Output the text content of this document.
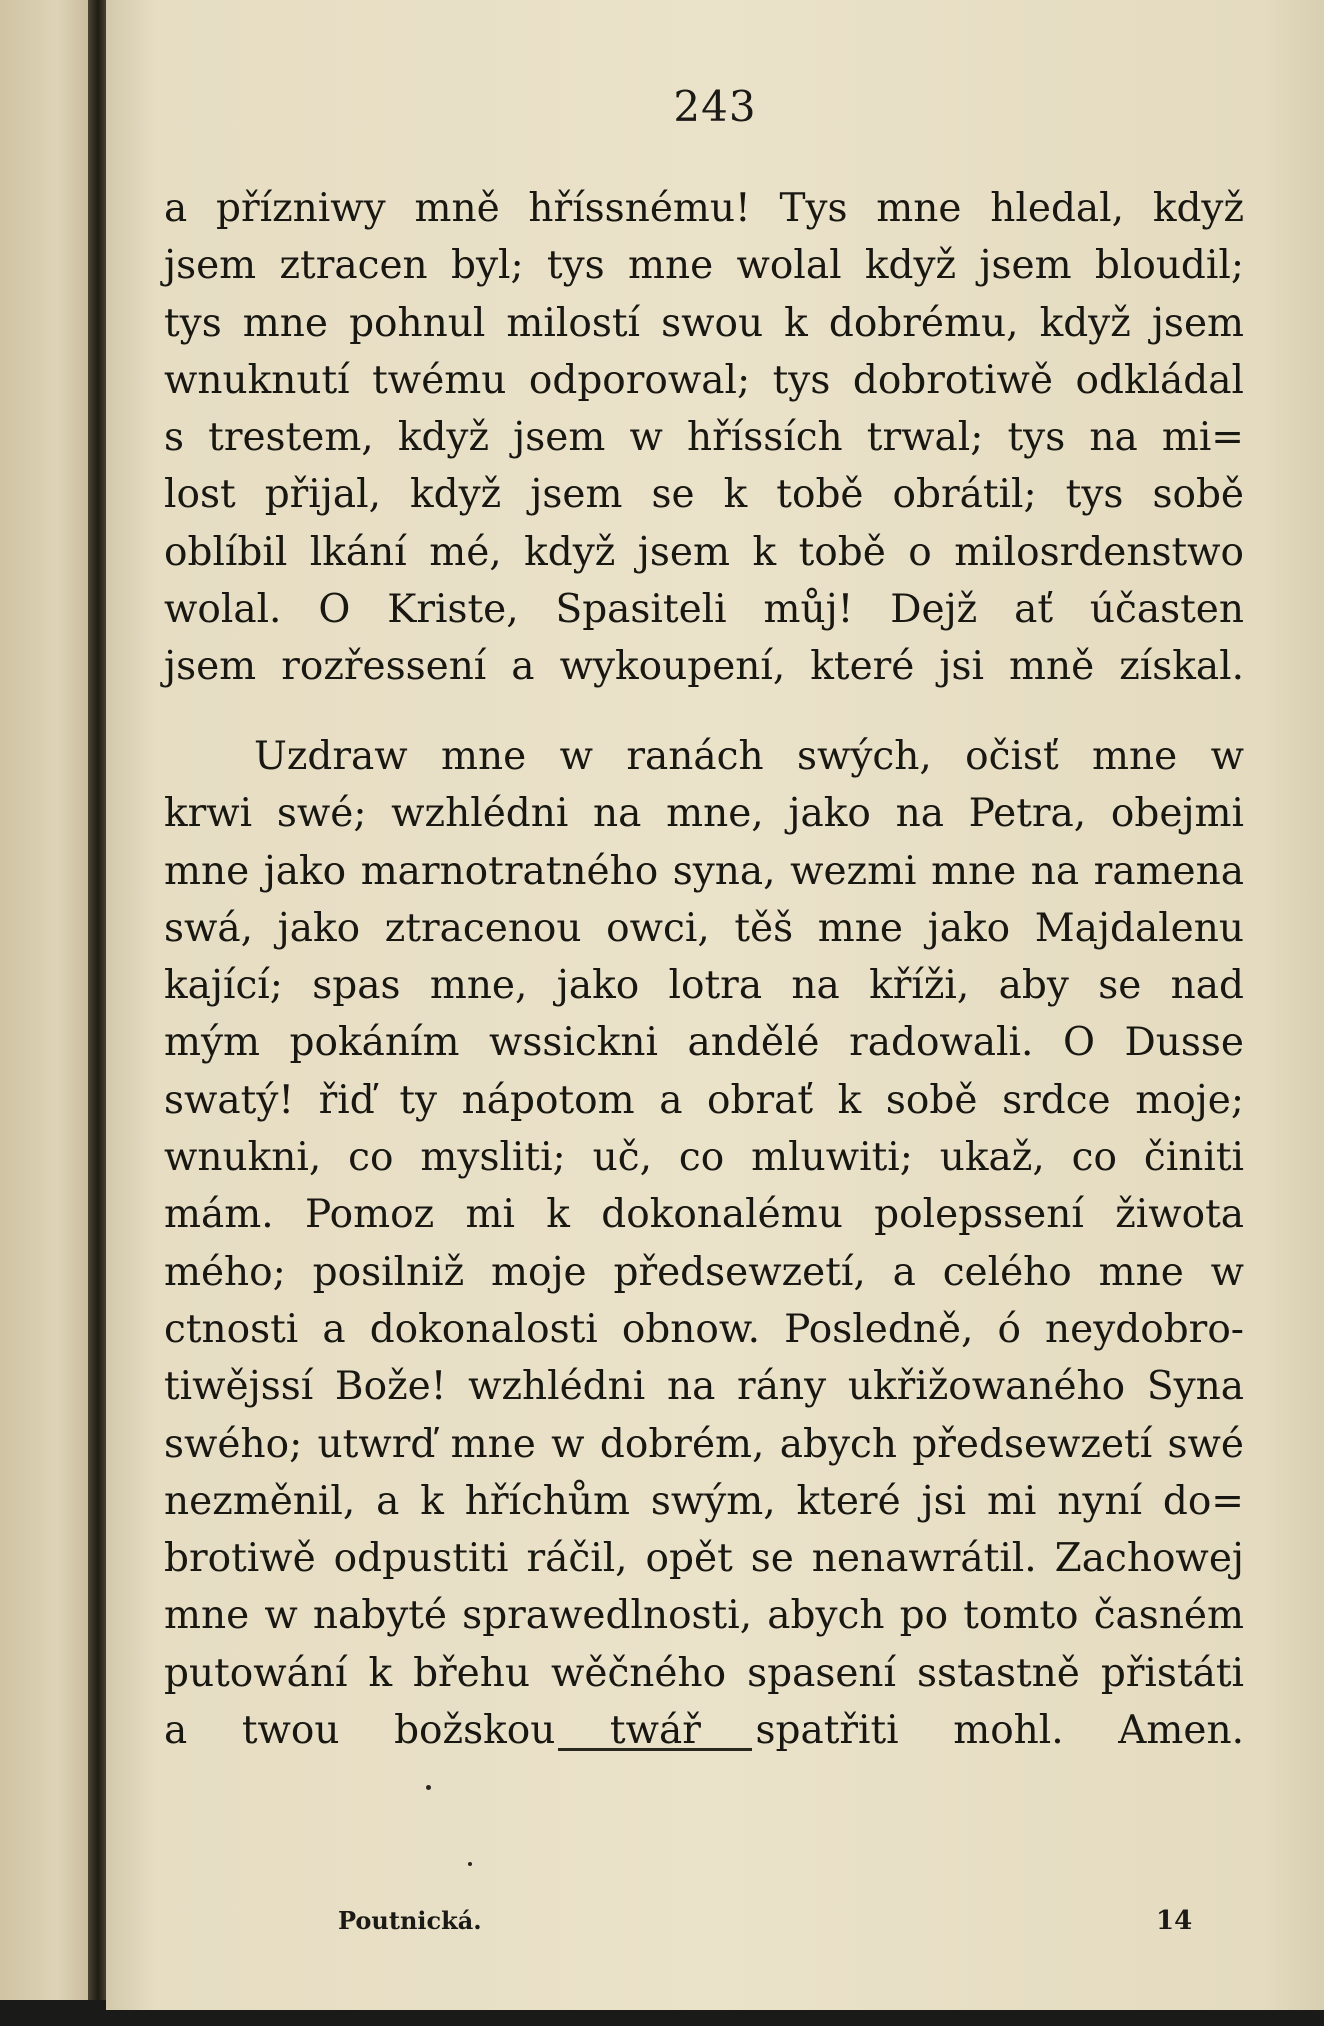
243
a přízniwy mně hříssnému! Tys mne hledal, když
jsem ztracen byl; tys mne wolal když jsem bloudil;
tys mne pohnul milostí swou k dobrému, když jsem
wnuknutí twému odporowal; tys dobrotiwě odkládal
s trestem, když jsem w hříssích trwal; tys na mi=
lost přijal, když jsem se k tobě obrátil; tys sobě
oblíbil lkání mé, když jsem k tobě o milosrdenstwo
wolal. O Kriste, Spasiteli můj! Dejž ať účasten
jsem rozřessení a wykoupení, které jsi mně získal.
Uzdraw mne w ranách swých, očisť mne w
krwi swé; wzhlédni na mne, jako na Petra, obejmi
mne jako marnotratného syna, wezmi mne na ramena
swá, jako ztracenou owci, těš mne jako Majdalenu
kající; spas mne, jako lotra na kříži, aby se nad
mým pokáním wssickni andělé radowali. O Dusse
swatý! řiď ty nápotom a obrať k sobě srdce moje;
wnukni, co mysliti; uč, co mluwiti; ukaž, co činiti
mám. Pomoz mi k dokonalému polepssení žiwota
mého; posilniž moje předsewzetí, a celého mne w
ctnosti a dokonalosti obnow. Posledně, ó neydobro-
tiwějssí Bože! wzhlédni na rány ukřižowaného Syna
swého; utwrď mne w dobrém, abych předsewzetí swé
nezměnil, a k hříchům swým, které jsi mi nyní do=
brotiwě odpustiti ráčil, opět se nenawrátil. Zachowej
mne w nabyté sprawedlnosti, abych po tomto časném
putowání k břehu wěčného spasení sstastně přistáti
a twou božskou twář spatřiti mohl. Amen.
Poutnická.	14
